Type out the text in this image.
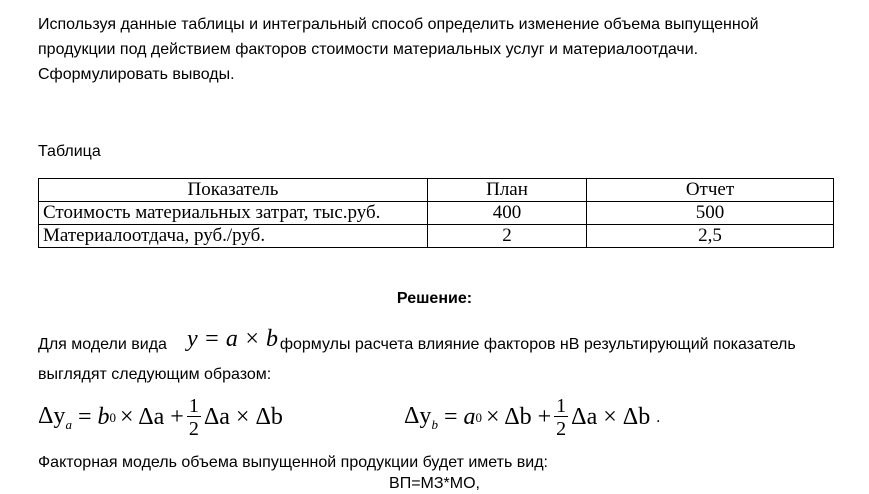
Используя данные таблицы и интегральный способ определить изменение объема выпущенной
продукции под действием факторов стоимости материальных услуг и материалоотдачи.
Сформулировать выводы.
Таблица
Показатель	План	Отчет
Стоимость материальных затрат, тыс.руб.	400	500
Материалоотдача, руб./руб.	2	2,5
Решение:
Для модели вида	формулы расчета влияние факторов нВ результирующий показатель
y = a × b
выглядят следующим образом:
$\Delta y_a = b$ $0 \times \Delta a + \frac{1}{2}$ Δa × Δb	$\Delta y_b = a$ $0 \times \Delta b + \frac{1}{2}$ Δa × Δb .
Факторная модель объема выпущенной продукции будет иметь вид:
ВП=МЗ*МО,
